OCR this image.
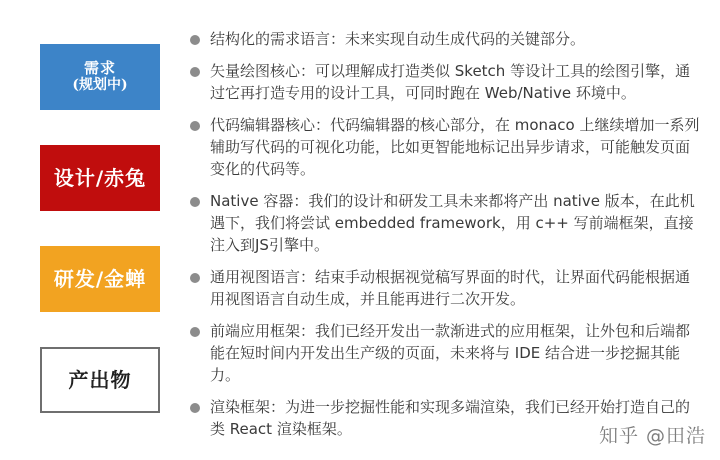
需求
(规划中)
设计/赤兔
研发/金蝉
产出物
结构化的需求语言：未来实现自动生成代码的关键部分。
矢量绘图核心：可以理解成打造类似 Sketch 等设计工具的绘图引擎，通过它再打造专用的设计工具，可同时跑在 Web/Native 环境中。
代码编辑器核心：代码编辑器的核心部分，在 monaco 上继续增加一系列辅助写代码的可视化功能，比如更智能地标记出异步请求，可能触发页面变化的代码等。
Native 容器：我们的设计和研发工具未来都将产出 native 版本，在此机遇下，我们将尝试 embedded framework，用 c++ 写前端框架，直接注入到JS引擎中。
通用视图语言：结束手动根据视觉稿写界面的时代，让界面代码能根据通用视图语言自动生成，并且能再进行二次开发。
前端应用框架：我们已经开发出一款渐进式的应用框架，让外包和后端都能在短时间内开发出生产级的页面，未来将与 IDE 结合进一步挖掘其能力。
渲染框架：为进一步挖掘性能和实现多端渲染，我们已经开始打造自己的类 React 渲染框架。	知乎 @田浩
